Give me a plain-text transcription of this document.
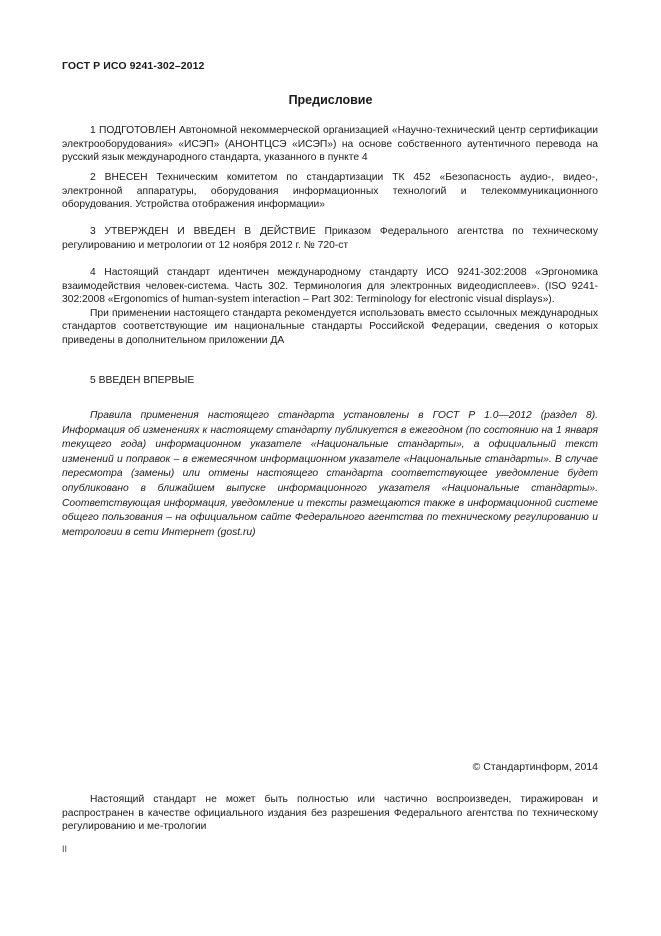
ГОСТ Р ИСО 9241-302–2012
Предисловие

1 ПОДГОТОВЛЕН Автономной некоммерческой организацией «Научно-технический центр сертификации электрооборудования» «ИСЭП» (АНОНТЦСЭ «ИСЭП») на основе собственного аутентичного перевода на русский язык международного стандарта, указанного в пункте 4

2 ВНЕСЕН Техническим комитетом по стандартизации ТК 452 «Безопасность аудио-, видео-, электронной аппаратуры, оборудования информационных технологий и телекоммуникационного оборудования. Устройства отображения информации»

3 УТВЕРЖДЕН И ВВЕДЕН В ДЕЙСТВИЕ Приказом Федерального агентства по техническому регулированию и метрологии от 12 ноября 2012 г. № 720-ст

4 Настоящий стандарт идентичен международному стандарту ИСО 9241-302:2008 «Эргономика взаимодействия человек-система. Часть 302. Терминология для электронных видеодисплеев». (ISO 9241-302:2008 «Ergonomics of human-system interaction – Part 302: Terminology for electronic visual displays»).

При применении настоящего стандарта рекомендуется использовать вместо ссылочных международных стандартов соответствующие им национальные стандарты Российской Федерации, сведения о которых приведены в дополнительном приложении ДА

5 ВВЕДЕН ВПЕРВЫЕ

Правила применения настоящего стандарта установлены в ГОСТ Р 1.0—2012 (раздел 8). Информация об изменениях к настоящему стандарту публикуется в ежегодном (по состоянию на 1 января текущего года) информационном указателе «Национальные стандарты», а официальный текст изменений и поправок – в ежемесячном информационном указателе «Национальные стандарты». В случае пересмотра (замены) или отмены настоящего стандарта соответствующее уведомление будет опубликовано в ближайшем выпуске информационного указателя «Национальные стандарты». Соответствующая информация, уведомление и тексты размещаются также в информационной системе общего пользования – на официальном сайте Федерального агентства по техническому регулированию и метрологии в сети Интернет (gost.ru)

© Стандартинформ, 2014

Настоящий стандарт не может быть полностью или частично воспроизведен, тиражирован и распространен в качестве официального издания без разрешения Федерального агентства по техническому регулированию и ме-трологии

II
